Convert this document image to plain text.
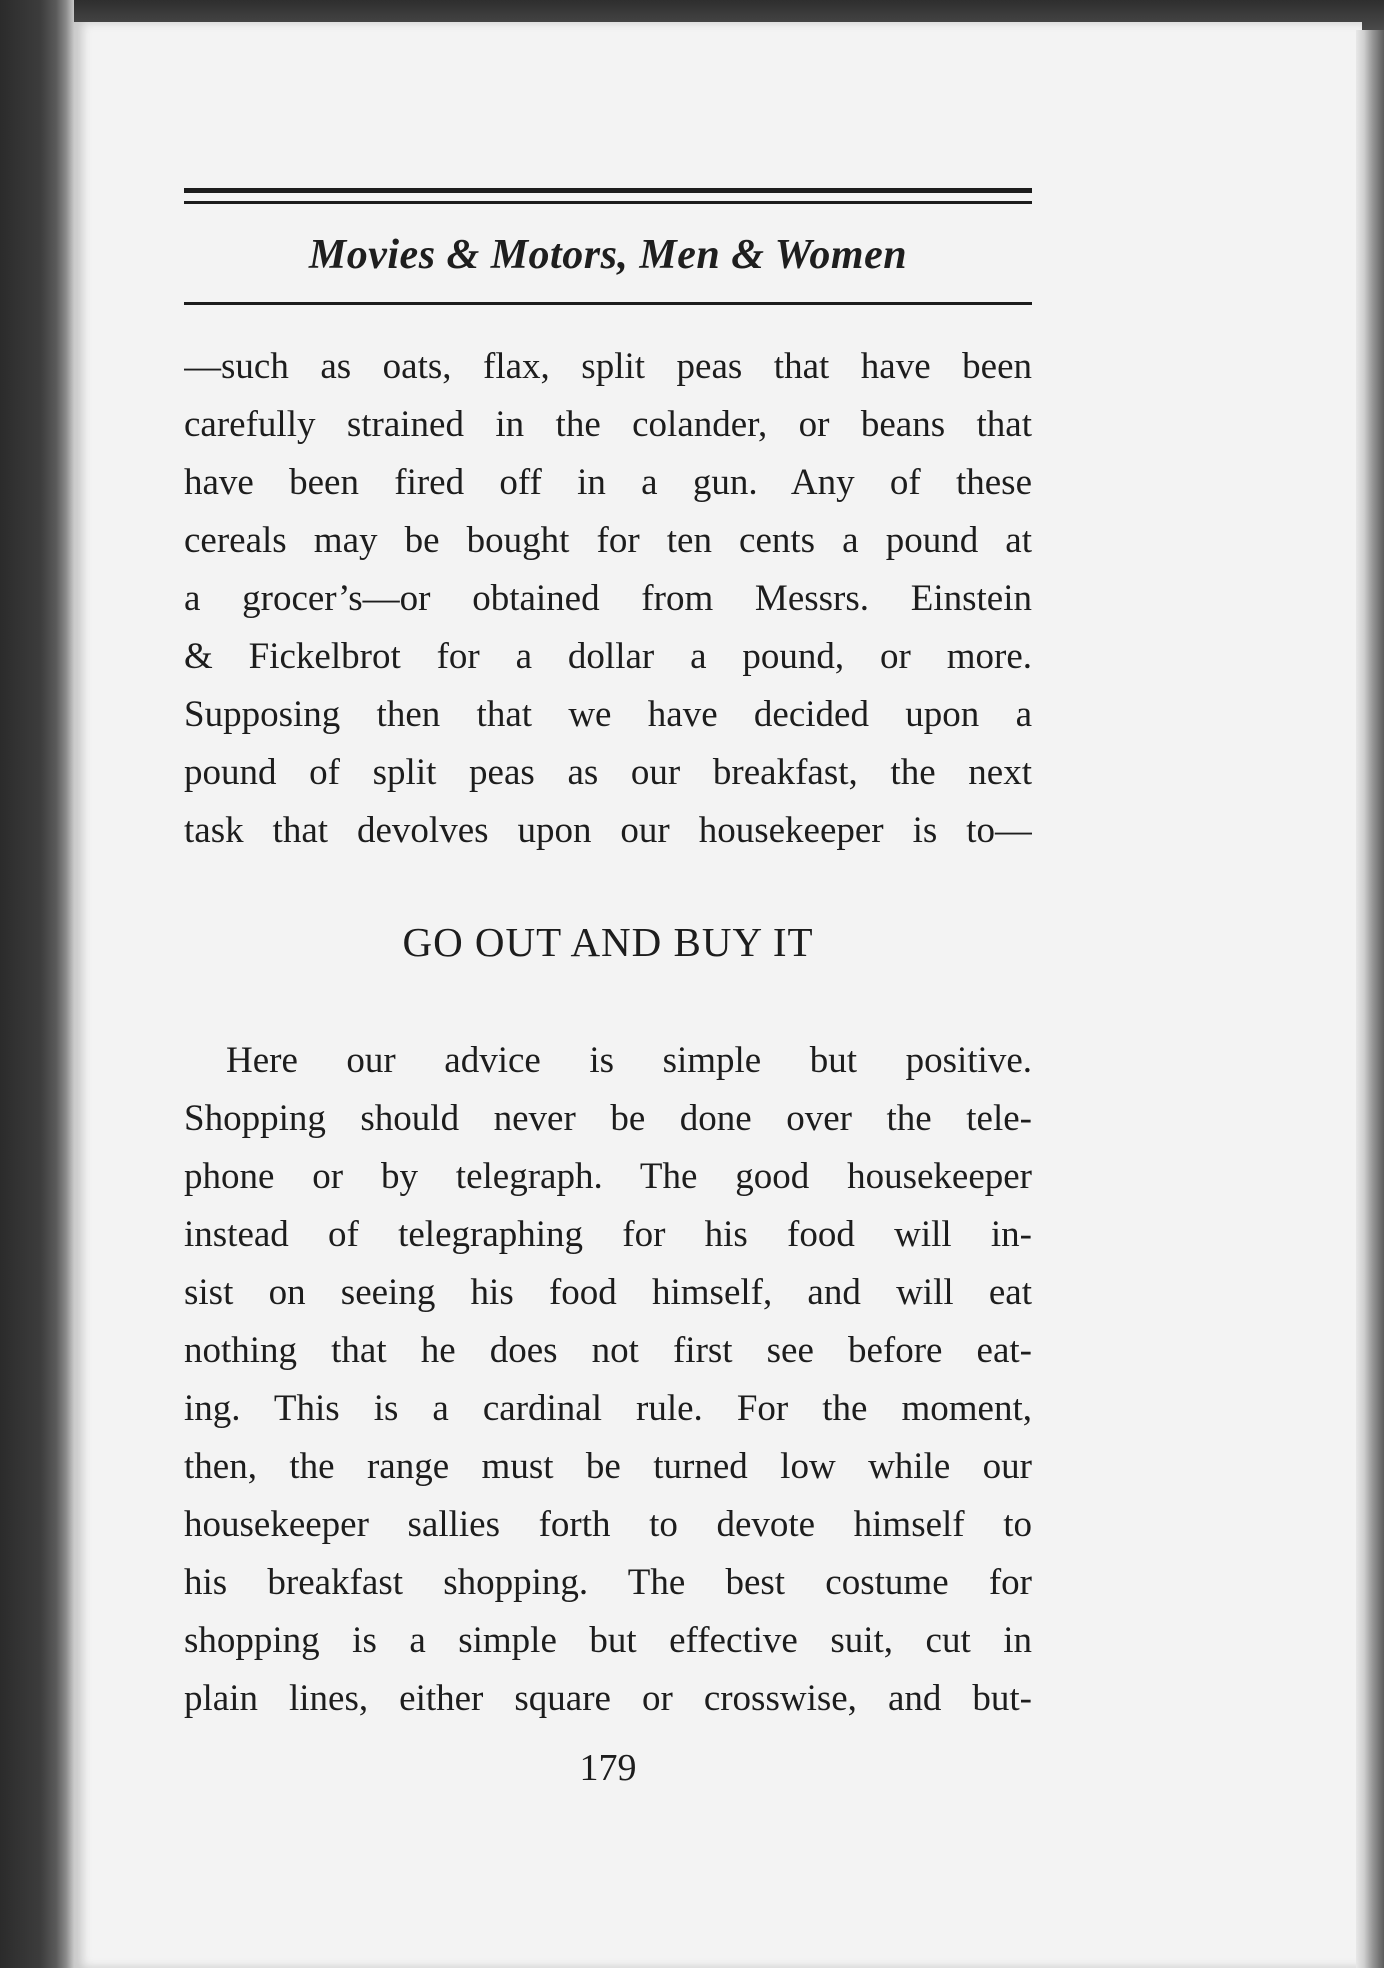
Movies & Motors, Men & Women
—such as oats, flax, split peas that have been
carefully strained in the colander, or beans that
have been fired off in a gun. Any of these
cereals may be bought for ten cents a pound at
a grocer’s—or obtained from Messrs. Einstein
& Fickelbrot for a dollar a pound, or more.
Supposing then that we have decided upon a
pound of split peas as our breakfast, the next
task that devolves upon our housekeeper is to—
GO OUT AND BUY IT
Here our advice is simple but positive.
Shopping should never be done over the tele-
phone or by telegraph. The good housekeeper
instead of telegraphing for his food will in-
sist on seeing his food himself, and will eat
nothing that he does not first see before eat-
ing. This is a cardinal rule. For the moment,
then, the range must be turned low while our
housekeeper sallies forth to devote himself to
his breakfast shopping. The best costume for
shopping is a simple but effective suit, cut in
plain lines, either square or crosswise, and but-
179
